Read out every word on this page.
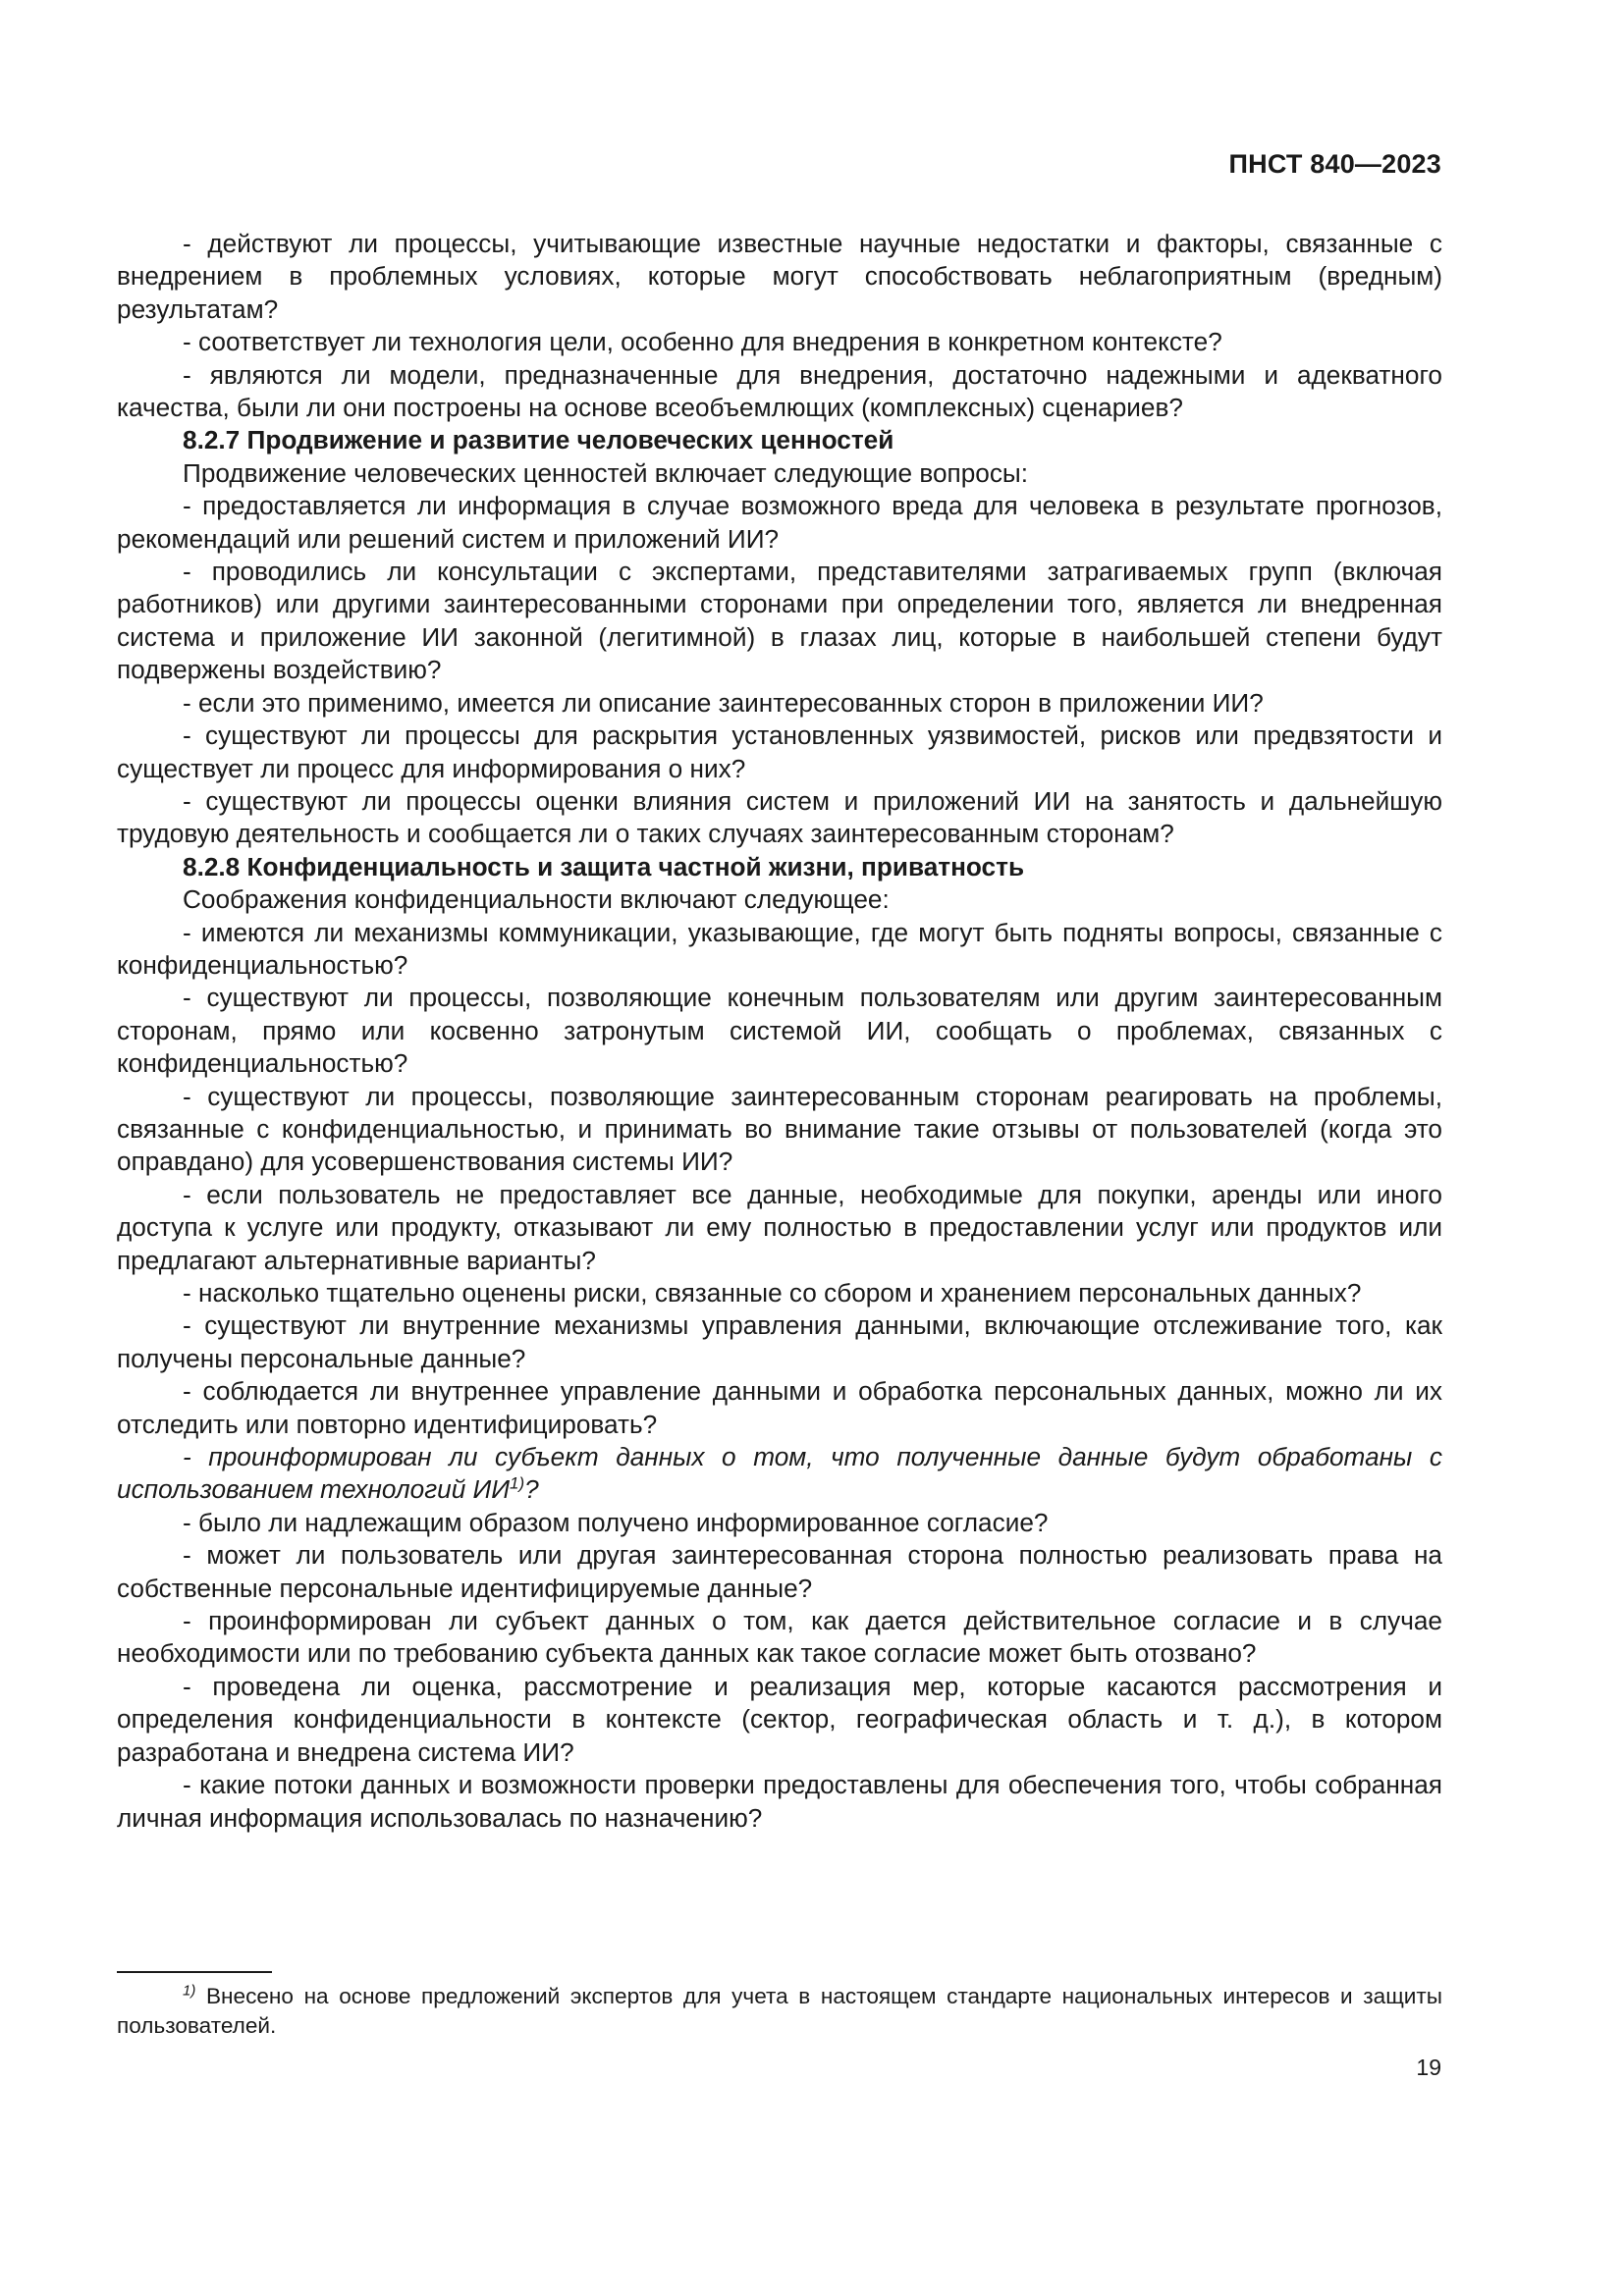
ПНСТ 840—2023

- действуют ли процессы, учитывающие известные научные недостатки и факторы, связанные с внедрением в проблемных условиях, которые могут способствовать неблагоприятным (вредным) результатам?

- соответствует ли технология цели, особенно для внедрения в конкретном контексте?

- являются ли модели, предназначенные для внедрения, достаточно надежными и адекватного качества, были ли они построены на основе всеобъемлющих (комплексных) сценариев?

8.2.7 Продвижение и развитие человеческих ценностей

Продвижение человеческих ценностей включает следующие вопросы:

- предоставляется ли информация в случае возможного вреда для человека в результате прогнозов, рекомендаций или решений систем и приложений ИИ?

- проводились ли консультации с экспертами, представителями затрагиваемых групп (включая работников) или другими заинтересованными сторонами при определении того, является ли внедренная система и приложение ИИ законной (легитимной) в глазах лиц, которые в наибольшей степени будут подвержены воздействию?

- если это применимо, имеется ли описание заинтересованных сторон в приложении ИИ?

- существуют ли процессы для раскрытия установленных уязвимостей, рисков или предвзятости и существует ли процесс для информирования о них?

- существуют ли процессы оценки влияния систем и приложений ИИ на занятость и дальнейшую трудовую деятельность и сообщается ли о таких случаях заинтересованным сторонам?

8.2.8 Конфиденциальность и защита частной жизни, приватность

Соображения конфиденциальности включают следующее:

- имеются ли механизмы коммуникации, указывающие, где могут быть подняты вопросы, связанные с конфиденциальностью?

- существуют ли процессы, позволяющие конечным пользователям или другим заинтересованным сторонам, прямо или косвенно затронутым системой ИИ, сообщать о проблемах, связанных с конфиденциальностью?

- существуют ли процессы, позволяющие заинтересованным сторонам реагировать на проблемы, связанные с конфиденциальностью, и принимать во внимание такие отзывы от пользователей (когда это оправдано) для усовершенствования системы ИИ?

- если пользователь не предоставляет все данные, необходимые для покупки, аренды или иного доступа к услуге или продукту, отказывают ли ему полностью в предоставлении услуг или продуктов или предлагают альтернативные варианты?

- насколько тщательно оценены риски, связанные со сбором и хранением персональных данных?

- существуют ли внутренние механизмы управления данными, включающие отслеживание того, как получены персональные данные?

- соблюдается ли внутреннее управление данными и обработка персональных данных, можно ли их отследить или повторно идентифицировать?

- проинформирован ли субъект данных о том, что полученные данные будут обработаны с использованием технологий ИИ$^{1)}$?

- было ли надлежащим образом получено информированное согласие?

- может ли пользователь или другая заинтересованная сторона полностью реализовать права на собственные персональные идентифицируемые данные?

- проинформирован ли субъект данных о том, как дается действительное согласие и в случае необходимости или по требованию субъекта данных как такое согласие может быть отозвано?

- проведена ли оценка, рассмотрение и реализация мер, которые касаются рассмотрения и определения конфиденциальности в контексте (сектор, географическая область и т. д.), в котором разработана и внедрена система ИИ?

- какие потоки данных и возможности проверки предоставлены для обеспечения того, чтобы собранная личная информация использовалась по назначению?

$^{1)}$ Внесено на основе предложений экспертов для учета в настоящем стандарте национальных интересов и защиты пользователей.

19
